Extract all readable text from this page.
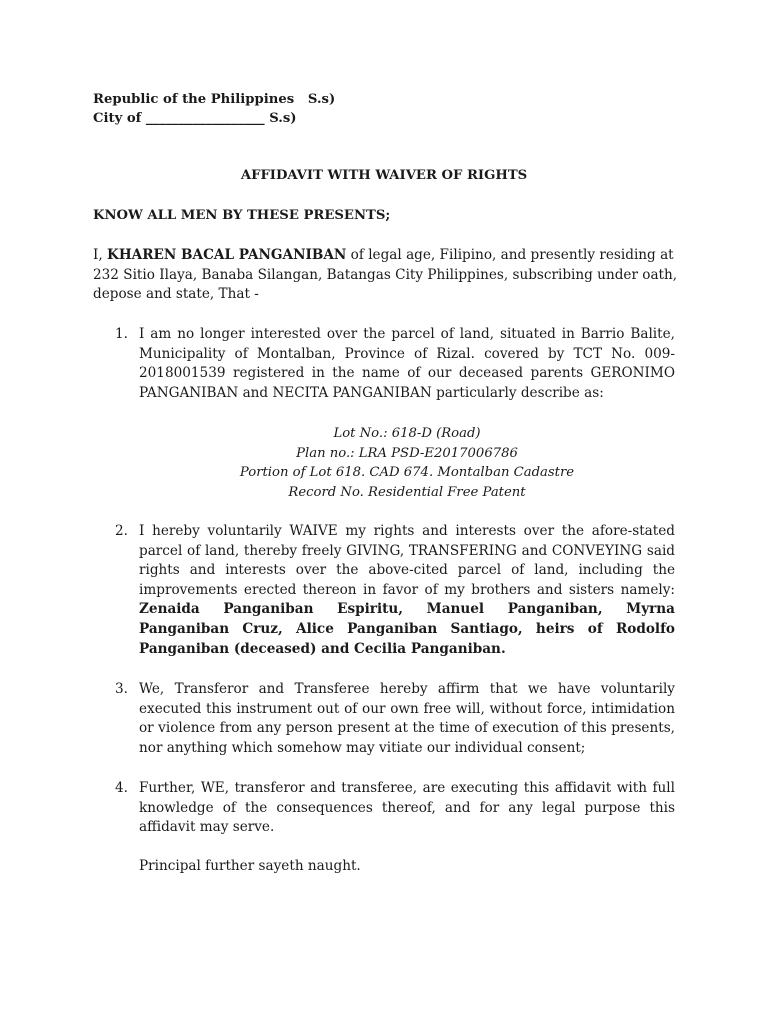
Republic of the Philippines   S.s)
City of __________________ S.s)
AFFIDAVIT WITH WAIVER OF RIGHTS
KNOW ALL MEN BY THESE PRESENTS;
I, KHAREN BACAL PANGANIBAN of legal age, Filipino, and presently residing at 232 Sitio Ilaya, Banaba Silangan, Batangas City Philippines, subscribing under oath, depose and state, That -
1. I am no longer interested over the parcel of land, situated in Barrio Balite, Municipality of Montalban, Province of Rizal. covered by TCT No. 009-2018001539 registered in the name of our deceased parents GERONIMO PANGANIBAN and NECITA PANGANIBAN particularly describe as:
Lot No.: 618-D (Road)
Plan no.: LRA PSD-E2017006786
Portion of Lot 618. CAD 674. Montalban Cadastre
Record No. Residential Free Patent
2. I hereby voluntarily WAIVE my rights and interests over the afore-stated parcel of land, thereby freely GIVING, TRANSFERING and CONVEYING said rights and interests over the above-cited parcel of land, including the improvements erected thereon in favor of my brothers and sisters namely: Zenaida Panganiban Espiritu, Manuel Panganiban, Myrna Panganiban Cruz, Alice Panganiban Santiago, heirs of Rodolfo Panganiban (deceased) and Cecilia Panganiban.
3. We, Transferor and Transferee hereby affirm that we have voluntarily executed this instrument out of our own free will, without force, intimidation or violence from any person present at the time of execution of this presents, nor anything which somehow may vitiate our individual consent;
4. Further, WE, transferor and transferee, are executing this affidavit with full knowledge of the consequences thereof, and for any legal purpose this affidavit may serve.
Principal further sayeth naught.
